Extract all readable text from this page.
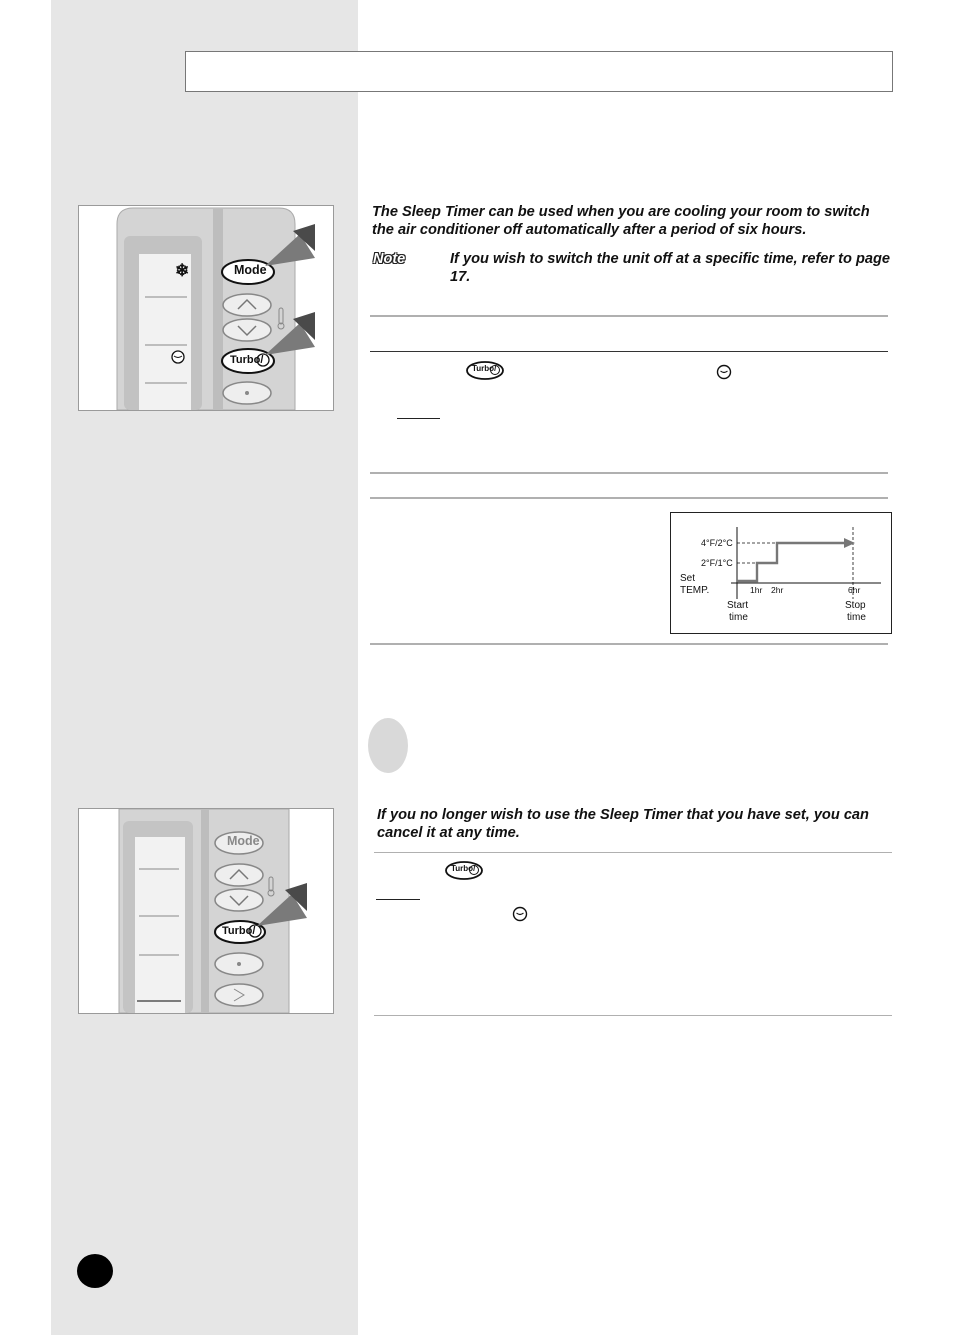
❄	Mode
Turbo/
The Sleep Timer can be used when you are cooling your room to switch the air conditioner off automatically after a period of six hours.
Note	If you wish to switch the unit off at a specific time, refer to page 17.
Turbo/
4°F/2°C
2°F/1°C
Set
TEMP.	1hr 2hr	6hr
Start
time
Stop
time
Mode
Turbo/
If you no longer wish to use the Sleep Timer that you have set, you can cancel it at any time.
Turbo/
